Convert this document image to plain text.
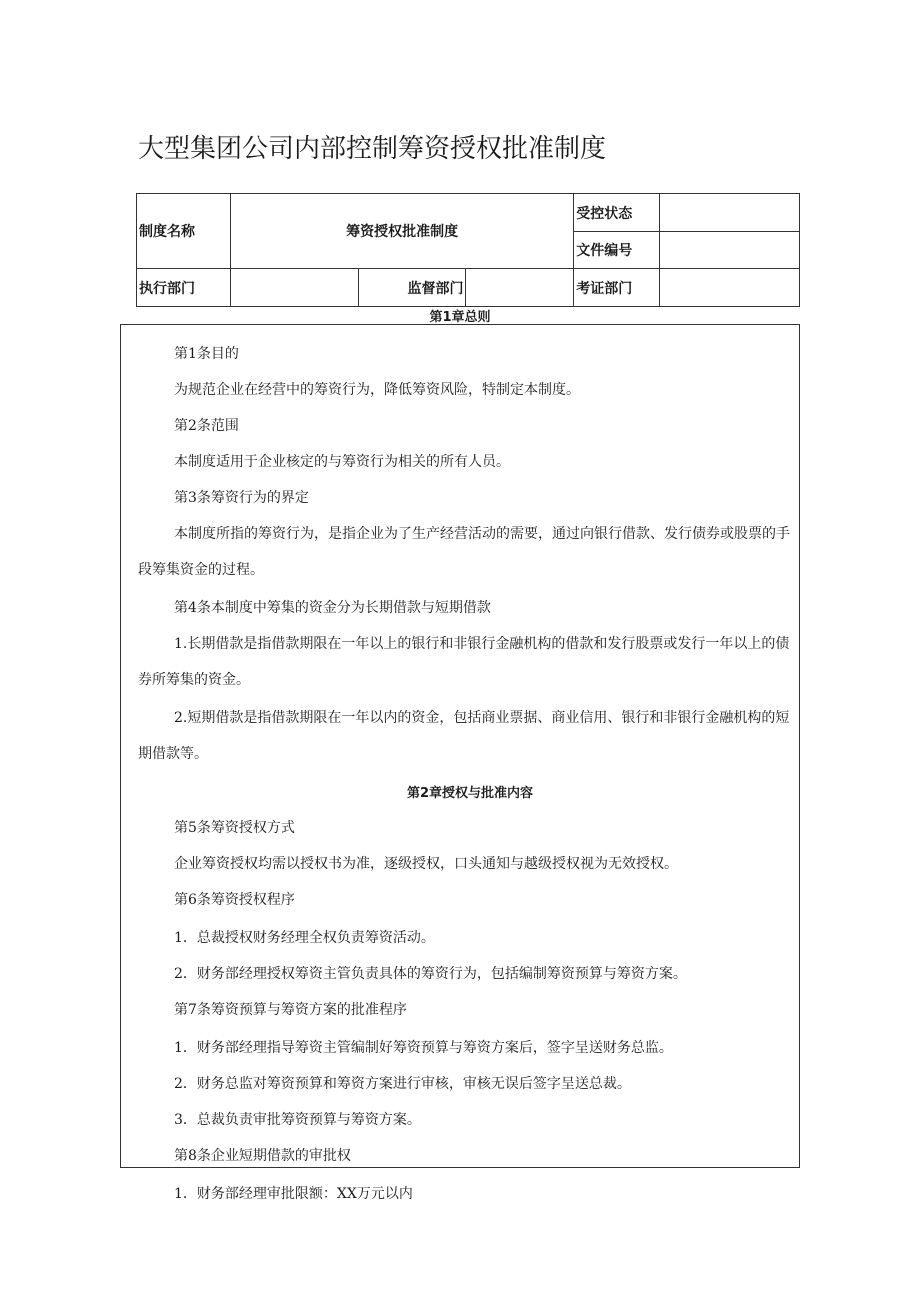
大型集团公司内部控制筹资授权批准制度
制度名称	筹资授权批准制度			受控状态	
				文件编号	
执行部门		监督部门		考证部门	
第1章总则

第1条目的

为规范企业在经营中的筹资行为，降低筹资风险，特制定本制度。

第2条范围

本制度适用于企业核定的与筹资行为相关的所有人员。

第3条筹资行为的界定

本制度所指的筹资行为，是指企业为了生产经营活动的需要，通过向银行借款、发行债券或股票的手段筹集资金的过程。

第4条本制度中筹集的资金分为长期借款与短期借款

1.长期借款是指借款期限在一年以上的银行和非银行金融机构的借款和发行股票或发行一年以上的债券所筹集的资金。

2.短期借款是指借款期限在一年以内的资金，包括商业票据、商业信用、银行和非银行金融机构的短期借款等。

第2章授权与批准内容

第5条筹资授权方式

企业筹资授权均需以授权书为准，逐级授权，口头通知与越级授权视为无效授权。

第6条筹资授权程序

1．总裁授权财务经理全权负责筹资活动。

2．财务部经理授权筹资主管负责具体的筹资行为，包括编制筹资预算与筹资方案。

第7条筹资预算与筹资方案的批准程序

1．财务部经理指导筹资主管编制好筹资预算与筹资方案后，签字呈送财务总监。

2．财务总监对筹资预算和筹资方案进行审核，审核无误后签字呈送总裁。

3．总裁负责审批筹资预算与筹资方案。

第8条企业短期借款的审批权

1．财务部经理审批限额：XX万元以内
